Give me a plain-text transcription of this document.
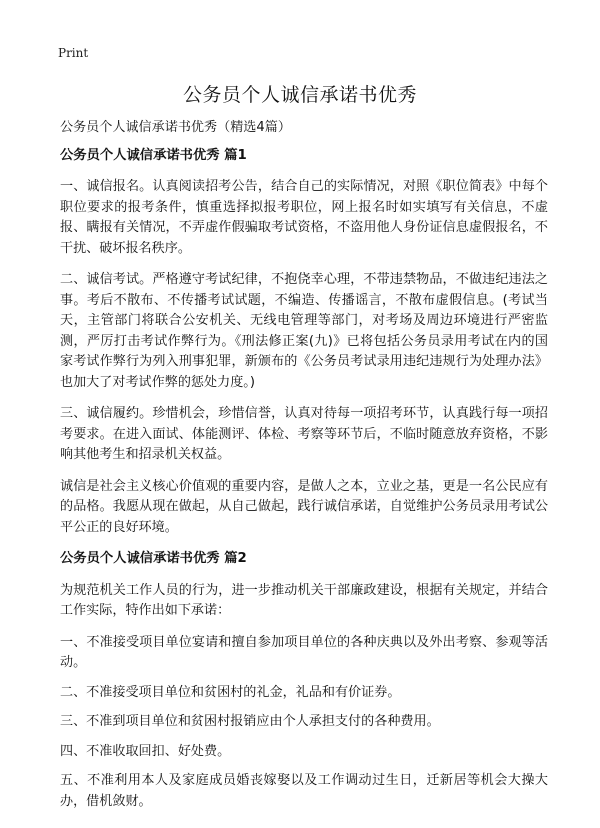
Print
公务员个人诚信承诺书优秀

公务员个人诚信承诺书优秀（精选4篇）

公务员个人诚信承诺书优秀 篇1

一、诚信报名。认真阅读招考公告，结合自己的实际情况，对照《职位简表》中每个职位要求的报考条件，慎重选择拟报考职位，网上报名时如实填写有关信息，不虚报、瞒报有关情况，不弄虚作假骗取考试资格，不盗用他人身份证信息虚假报名，不干扰、破坏报名秩序。

二、诚信考试。严格遵守考试纪律，不抱侥幸心理，不带违禁物品，不做违纪违法之事。考后不散布、不传播考试试题，不编造、传播谣言，不散布虚假信息。(考试当天，主管部门将联合公安机关、无线电管理等部门，对考场及周边环境进行严密监测，严厉打击考试作弊行为。《刑法修正案(九)》已将包括公务员录用考试在内的国家考试作弊行为列入刑事犯罪，新颁布的《公务员考试录用违纪违规行为处理办法》也加大了对考试作弊的惩处力度。)

三、诚信履约。珍惜机会，珍惜信誉，认真对待每一项招考环节，认真践行每一项招考要求。在进入面试、体能测评、体检、考察等环节后，不临时随意放弃资格，不影响其他考生和招录机关权益。

诚信是社会主义核心价值观的重要内容，是做人之本，立业之基，更是一名公民应有的品格。我愿从现在做起，从自己做起，践行诚信承诺，自觉维护公务员录用考试公平公正的良好环境。

公务员个人诚信承诺书优秀 篇2

为规范机关工作人员的行为，进一步推动机关干部廉政建设，根据有关规定，并结合工作实际，特作出如下承诺：

一、不准接受项目单位宴请和擅自参加项目单位的各种庆典以及外出考察、参观等活动。

二、不准接受项目单位和贫困村的礼金，礼品和有价证券。

三、不准到项目单位和贫困村报销应由个人承担支付的各种费用。

四、不准收取回扣、好处费。

五、不准利用本人及家庭成员婚丧嫁娶以及工作调动过生日，迁新居等机会大操大办，借机敛财。
